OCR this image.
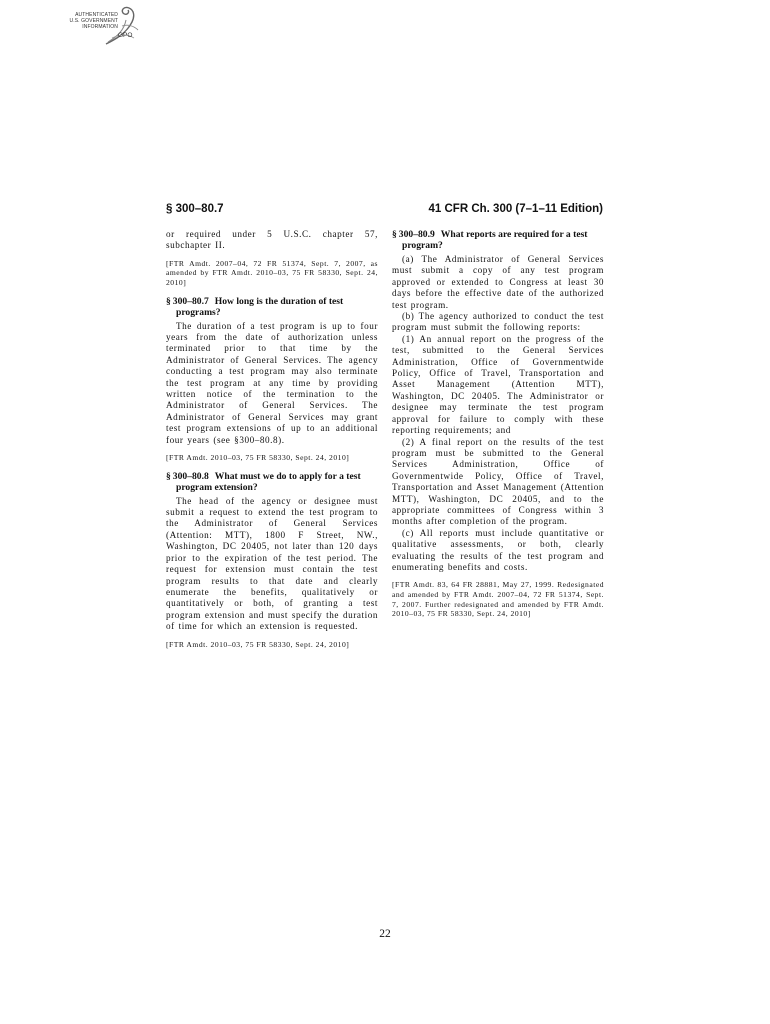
AUTHENTICATED
U.S. GOVERNMENT
INFORMATION
GPO
§ 300–80.7	41 CFR Ch. 300 (7–1–11 Edition)

or required under 5 U.S.C. chapter 57, subchapter II.

[FTR Amdt. 2007–04, 72 FR 51374, Sept. 7, 2007, as amended by FTR Amdt. 2010–03, 75 FR 58330, Sept. 24, 2010]

§ 300–80.7 How long is the duration of test programs?

The duration of a test program is up to four years from the date of authorization unless terminated prior to that time by the Administrator of General Services. The agency conducting a test program may also terminate the test program at any time by providing written notice of the termination to the Administrator of General Services. The Administrator of General Services may grant test program extensions of up to an additional four years (see §300–80.8).

[FTR Amdt. 2010–03, 75 FR 58330, Sept. 24, 2010]

§ 300–80.8 What must we do to apply for a test program extension?

The head of the agency or designee must submit a request to extend the test program to the Administrator of General Services (Attention: MTT), 1800 F Street, NW., Washington, DC 20405, not later than 120 days prior to the expiration of the test period. The request for extension must contain the test program results to that date and clearly enumerate the benefits, qualitatively or quantitatively or both, of granting a test program extension and must specify the duration of time for which an extension is requested.

[FTR Amdt. 2010–03, 75 FR 58330, Sept. 24, 2010]

§ 300–80.9 What reports are required for a test program?

(a) The Administrator of General Services must submit a copy of any test program approved or extended to Congress at least 30 days before the effective date of the authorized test program.

(b) The agency authorized to conduct the test program must submit the following reports:

(1) An annual report on the progress of the test, submitted to the General Services Administration, Office of Governmentwide Policy, Office of Travel, Transportation and Asset Management (Attention MTT), Washington, DC 20405. The Administrator or designee may terminate the test program approval for failure to comply with these reporting requirements; and

(2) A final report on the results of the test program must be submitted to the General Services Administration, Office of Governmentwide Policy, Office of Travel, Transportation and Asset Management (Attention MTT), Washington, DC 20405, and to the appropriate committees of Congress within 3 months after completion of the program.

(c) All reports must include quantitative or qualitative assessments, or both, clearly evaluating the results of the test program and enumerating benefits and costs.

[FTR Amdt. 83, 64 FR 28881, May 27, 1999. Redesignated and amended by FTR Amdt. 2007–04, 72 FR 51374, Sept. 7, 2007. Further redesignated and amended by FTR Amdt. 2010–03, 75 FR 58330, Sept. 24, 2010]

22
